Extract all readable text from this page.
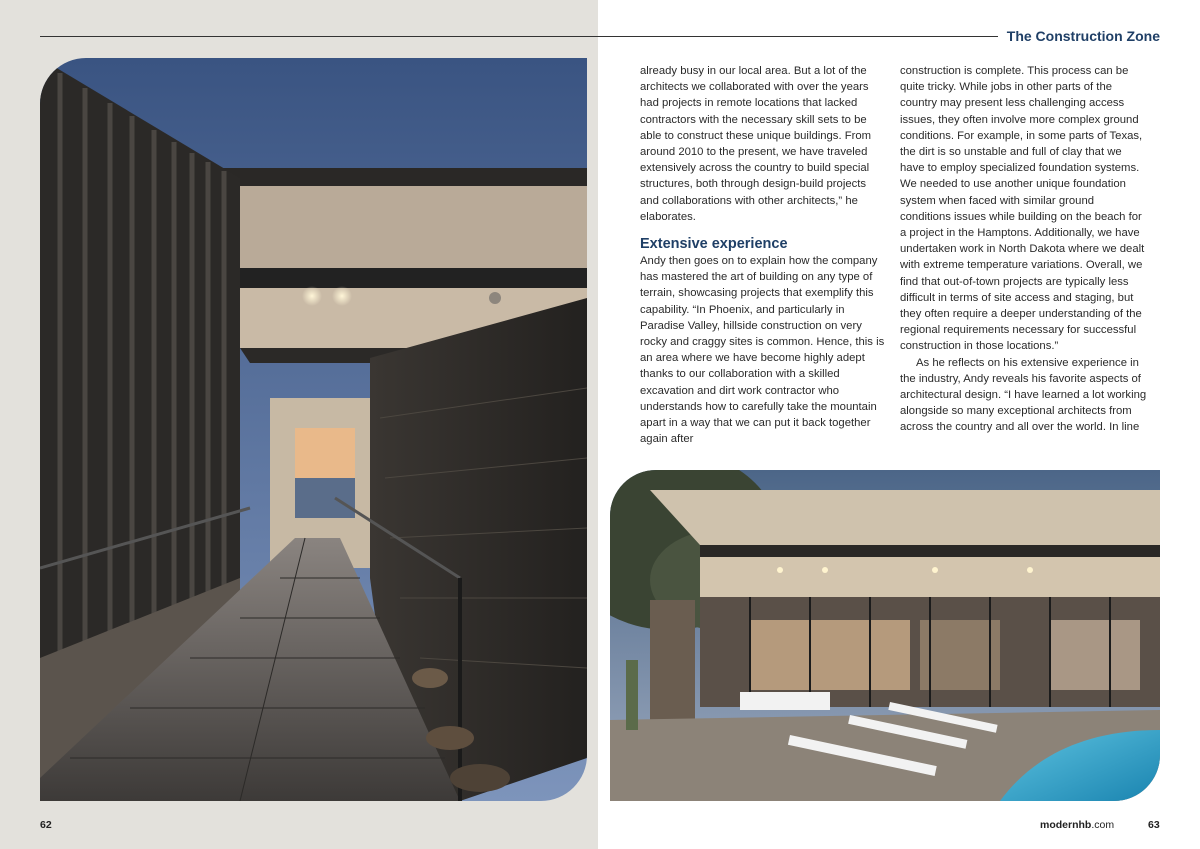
The Construction Zone

already busy in our local area. But a lot of the architects we collaborated with over the years had projects in remote locations that lacked contractors with the necessary skill sets to be able to construct these unique buildings. From around 2010 to the present, we have traveled extensively across the country to build special structures, both through design-build projects and collaborations with other architects,” he elaborates.

Extensive experience

Andy then goes on to explain how the company has mastered the art of building on any type of terrain, showcasing projects that exemplify this capability. “In Phoenix, and particularly in Paradise Valley, hillside construction on very rocky and craggy sites is common. Hence, this is an area where we have become highly adept thanks to our collaboration with a skilled excavation and dirt work contractor who understands how to carefully take the mountain apart in a way that we can put it back together again after

construction is complete. This process can be quite tricky. While jobs in other parts of the country may present less challenging access issues, they often involve more complex ground conditions. For example, in some parts of Texas, the dirt is so unstable and full of clay that we have to employ specialized foundation systems. We needed to use another unique foundation system when faced with similar ground conditions issues while building on the beach for a project in the Hamptons. Additionally, we have undertaken work in North Dakota where we dealt with extreme temperature variations. Overall, we find that out-of-town projects are typically less difficult in terms of site access and staging, but they often require a deeper understanding of the regional requirements necessary for successful construction in those locations.”

As he reflects on his extensive experience in the industry, Andy reveals his favorite aspects of architectural design. “I have learned a lot working alongside so many exceptional architects from across the country and all over the world. In line

62	modernhb.com	63
